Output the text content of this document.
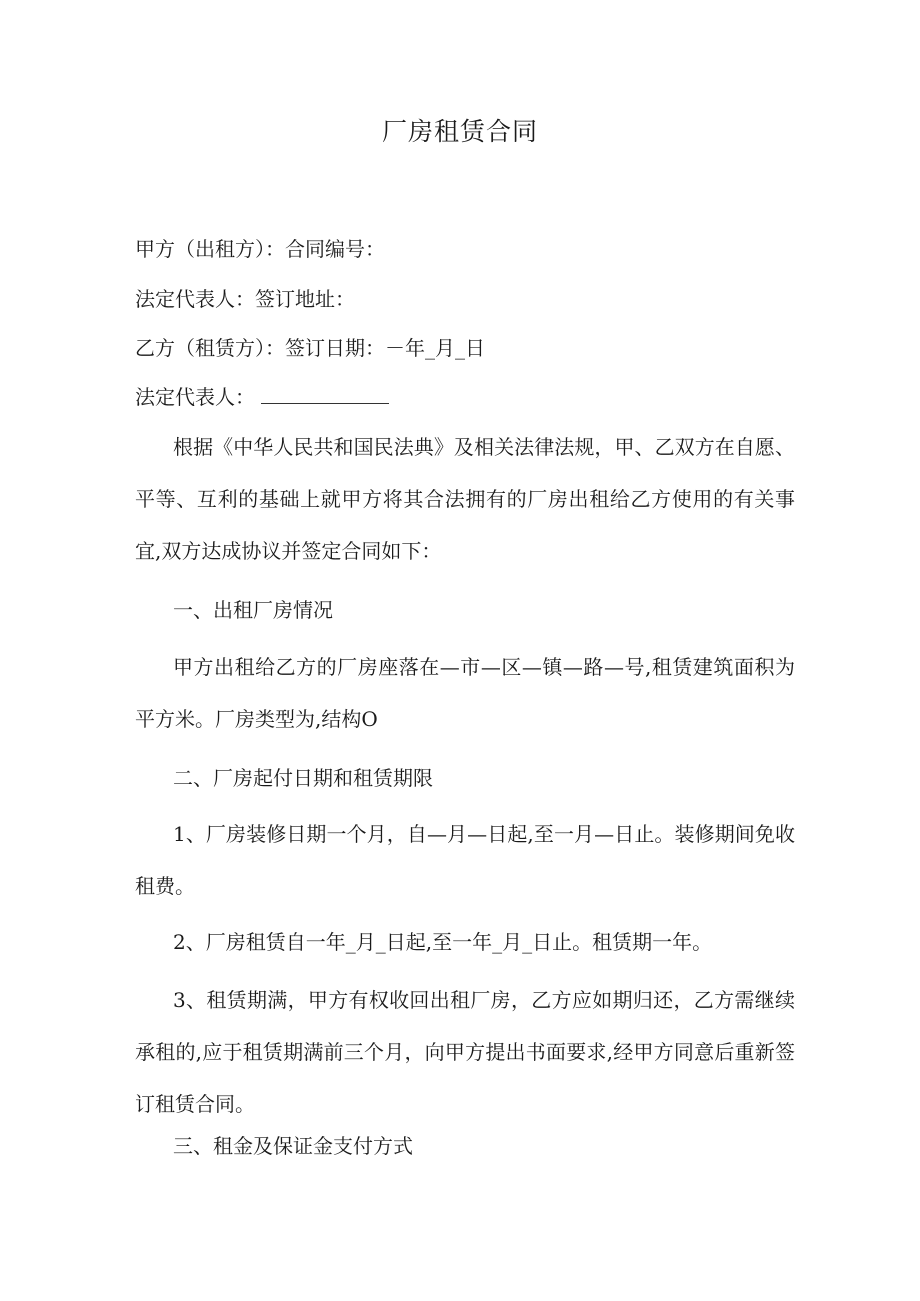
厂房租赁合同

甲方（出租方）：合同编号：

法定代表人：签订地址：

乙方（租赁方）：签订日期：－年_月_日

法定代表人：

根据《中华人民共和国民法典》及相关法律法规，甲、乙双方在自愿、平等、互利的基础上就甲方将其合法拥有的厂房出租给乙方使用的有关事宜,双方达成协议并签定合同如下：

一、出租厂房情况

甲方出租给乙方的厂房座落在—市—区—镇—路—号,租赁建筑面积为平方米。厂房类型为,结构O

二、厂房起付日期和租赁期限

1、厂房装修日期一个月，自—月—日起,至一月—日止。装修期间免收租费。

2、厂房租赁自一年_月_日起,至一年_月_日止。租赁期一年。

3、租赁期满，甲方有权收回出租厂房，乙方应如期归还，乙方需继续承租的,应于租赁期满前三个月，向甲方提出书面要求,经甲方同意后重新签订租赁合同。

三、租金及保证金支付方式
